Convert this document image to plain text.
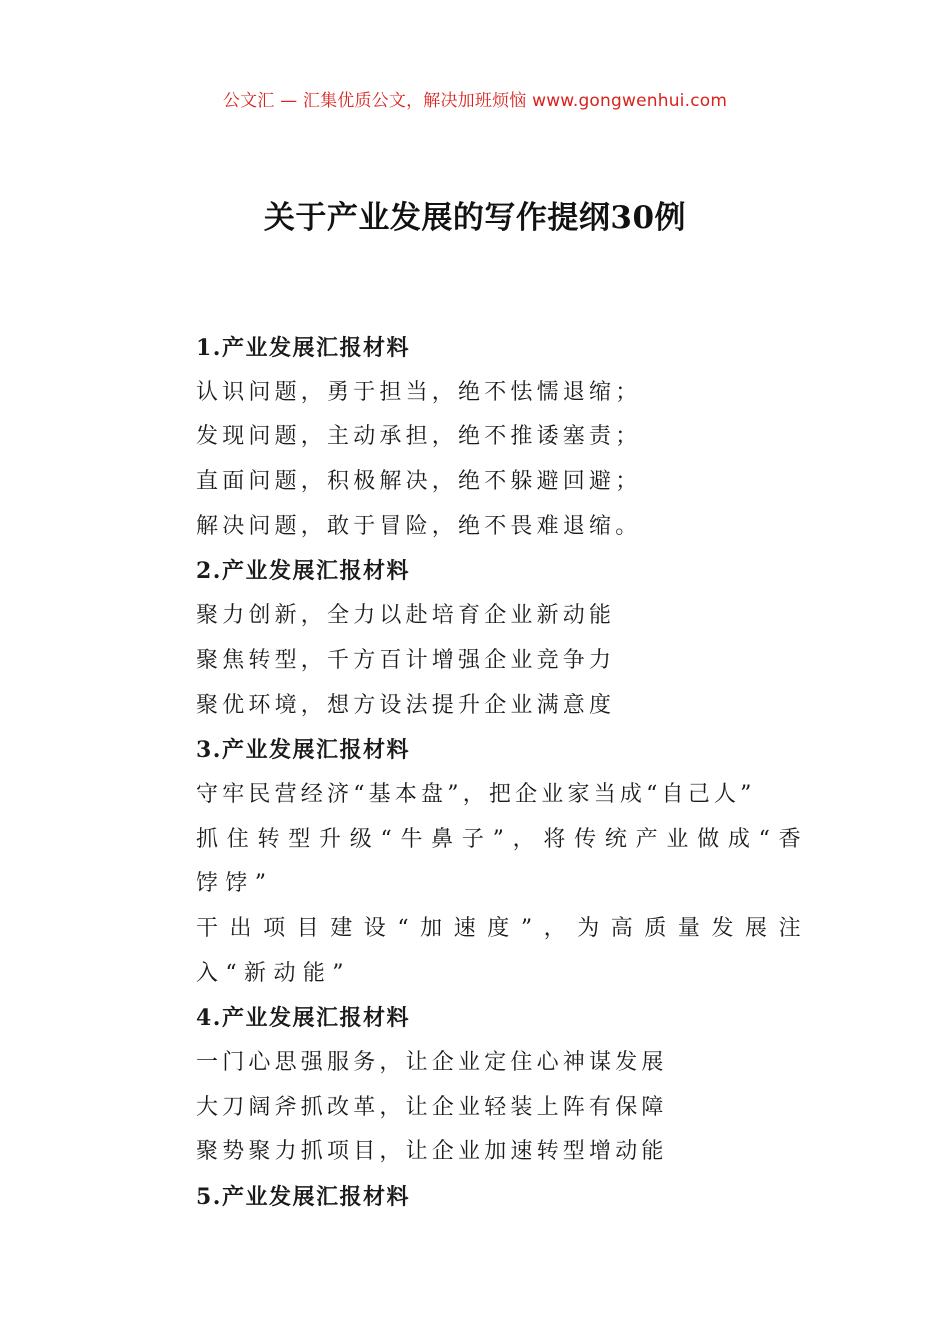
公文汇 — 汇集优质公文，解决加班烦恼 www.gongwenhui.com
关于产业发展的写作提纲30例
1.产业发展汇报材料
认识问题，勇于担当，绝不怯懦退缩；
发现问题，主动承担，绝不推诿塞责；
直面问题，积极解决，绝不躲避回避；
解决问题，敢于冒险，绝不畏难退缩。
2.产业发展汇报材料
聚力创新，全力以赴培育企业新动能
聚焦转型，千方百计增强企业竞争力
聚优环境，想方设法提升企业满意度
3.产业发展汇报材料
守牢民营经济“基本盘”，把企业家当成“自己人”
抓住转型升级“牛鼻子”，将传统产业做成“香饽饽”
干出项目建设“加速度”，为高质量发展注入“新动能”
4.产业发展汇报材料
一门心思强服务，让企业定住心神谋发展
大刀阔斧抓改革，让企业轻装上阵有保障
聚势聚力抓项目，让企业加速转型增动能
5.产业发展汇报材料
